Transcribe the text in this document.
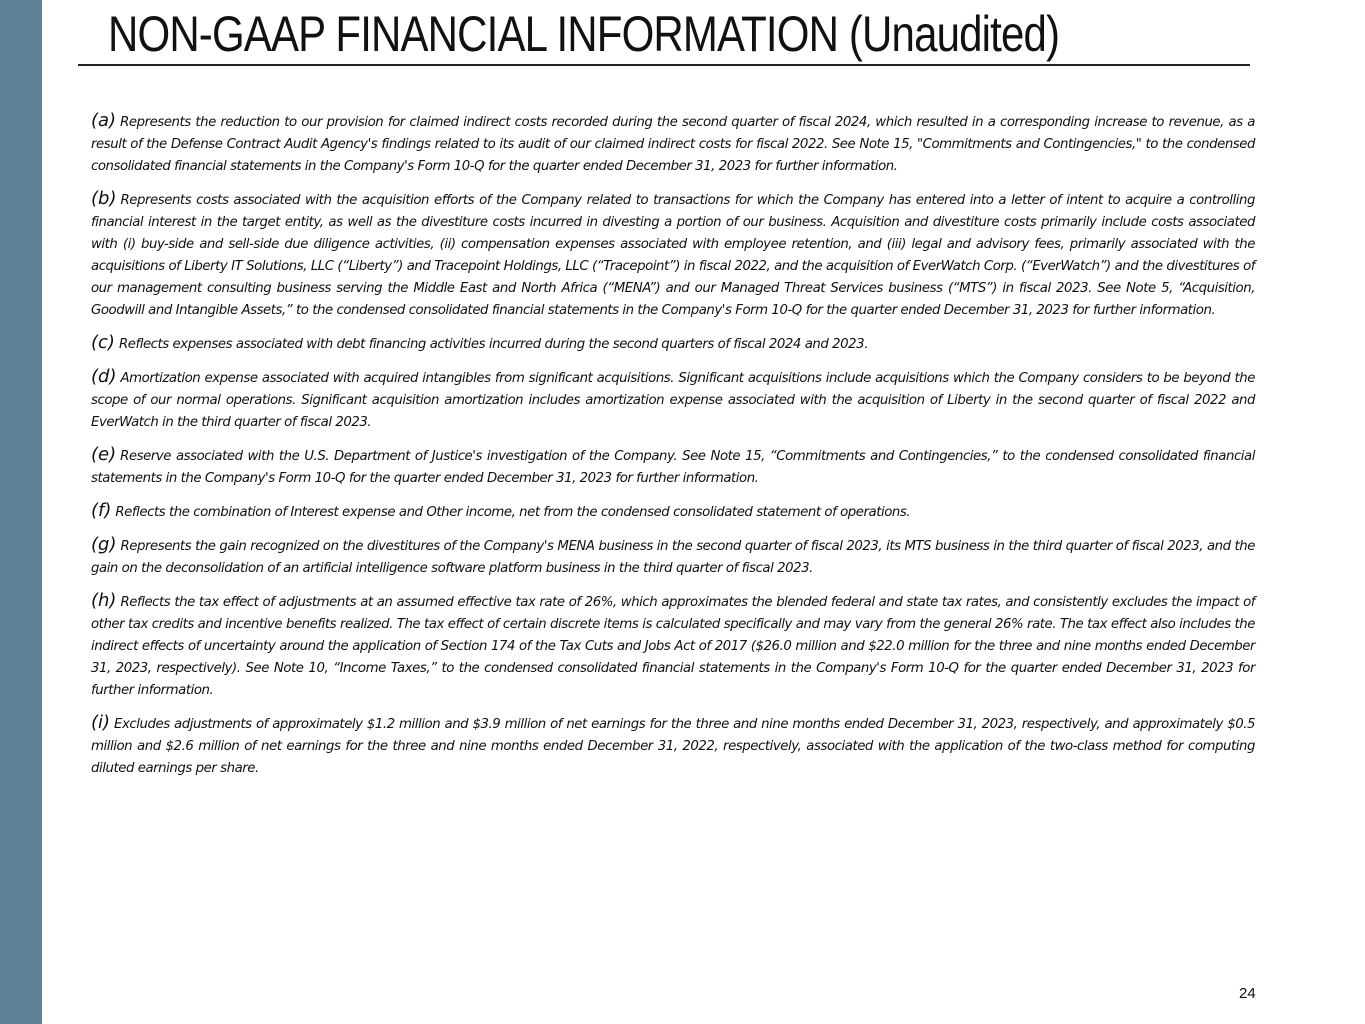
NON-GAAP FINANCIAL INFORMATION (Unaudited)

(a) Represents the reduction to our provision for claimed indirect costs recorded during the second quarter of fiscal 2024, which resulted in a corresponding increase to revenue, as a result of the Defense Contract Audit Agency's findings related to its audit of our claimed indirect costs for fiscal 2022. See Note 15, "Commitments and Contingencies," to the condensed consolidated financial statements in the Company's Form 10-Q for the quarter ended December 31, 2023 for further information.

(b) Represents costs associated with the acquisition efforts of the Company related to transactions for which the Company has entered into a letter of intent to acquire a controlling financial interest in the target entity, as well as the divestiture costs incurred in divesting a portion of our business. Acquisition and divestiture costs primarily include costs associated with (i) buy-side and sell-side due diligence activities, (ii) compensation expenses associated with employee retention, and (iii) legal and advisory fees, primarily associated with the acquisitions of Liberty IT Solutions, LLC (“Liberty”) and Tracepoint Holdings, LLC (“Tracepoint”) in fiscal 2022, and the acquisition of EverWatch Corp. (“EverWatch”) and the divestitures of our management consulting business serving the Middle East and North Africa (“MENA”) and our Managed Threat Services business (“MTS”) in fiscal 2023. See Note 5, “Acquisition, Goodwill and Intangible Assets,” to the condensed consolidated financial statements in the Company's Form 10-Q for the quarter ended December 31, 2023 for further information.

(c) Reflects expenses associated with debt financing activities incurred during the second quarters of fiscal 2024 and 2023.

(d) Amortization expense associated with acquired intangibles from significant acquisitions. Significant acquisitions include acquisitions which the Company considers to be beyond the scope of our normal operations. Significant acquisition amortization includes amortization expense associated with the acquisition of Liberty in the second quarter of fiscal 2022 and EverWatch in the third quarter of fiscal 2023.

(e) Reserve associated with the U.S. Department of Justice's investigation of the Company. See Note 15, “Commitments and Contingencies,” to the condensed consolidated financial statements in the Company's Form 10-Q for the quarter ended December 31, 2023 for further information.

(f) Reflects the combination of Interest expense and Other income, net from the condensed consolidated statement of operations.

(g) Represents the gain recognized on the divestitures of the Company's MENA business in the second quarter of fiscal 2023, its MTS business in the third quarter of fiscal 2023, and the gain on the deconsolidation of an artificial intelligence software platform business in the third quarter of fiscal 2023.

(h) Reflects the tax effect of adjustments at an assumed effective tax rate of 26%, which approximates the blended federal and state tax rates, and consistently excludes the impact of other tax credits and incentive benefits realized. The tax effect of certain discrete items is calculated specifically and may vary from the general 26% rate. The tax effect also includes the indirect effects of uncertainty around the application of Section 174 of the Tax Cuts and Jobs Act of 2017 ($26.0 million and $22.0 million for the three and nine months ended December 31, 2023, respectively). See Note 10, “Income Taxes,” to the condensed consolidated financial statements in the Company's Form 10-Q for the quarter ended December 31, 2023 for further information.

(i) Excludes adjustments of approximately $1.2 million and $3.9 million of net earnings for the three and nine months ended December 31, 2023, respectively, and approximately $0.5 million and $2.6 million of net earnings for the three and nine months ended December 31, 2022, respectively, associated with the application of the two-class method for computing diluted earnings per share.

24
